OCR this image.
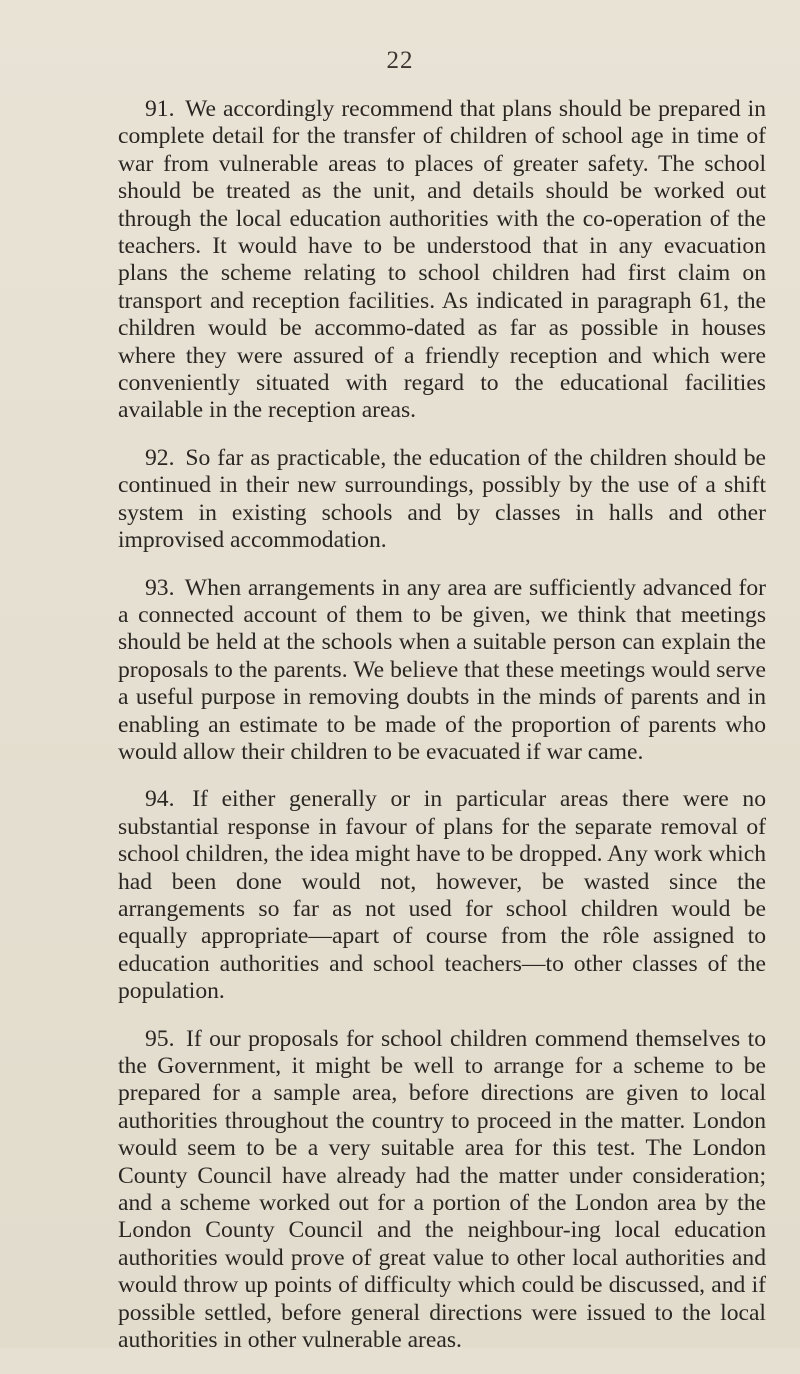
22

91. We accordingly recommend that plans should be prepared in complete detail for the transfer of children of school age in time of war from vulnerable areas to places of greater safety. The school should be treated as the unit, and details should be worked out through the local education authorities with the co-operation of the teachers. It would have to be understood that in any evacuation plans the scheme relating to school children had first claim on transport and reception facilities. As indicated in paragraph 61, the children would be accommo-dated as far as possible in houses where they were assured of a friendly reception and which were conveniently situated with regard to the educational facilities available in the reception areas.

92. So far as practicable, the education of the children should be continued in their new surroundings, possibly by the use of a shift system in existing schools and by classes in halls and other improvised accommodation.

93. When arrangements in any area are sufficiently advanced for a connected account of them to be given, we think that meetings should be held at the schools when a suitable person can explain the proposals to the parents. We believe that these meetings would serve a useful purpose in removing doubts in the minds of parents and in enabling an estimate to be made of the proportion of parents who would allow their children to be evacuated if war came.

94. If either generally or in particular areas there were no substantial response in favour of plans for the separate removal of school children, the idea might have to be dropped. Any work which had been done would not, however, be wasted since the arrangements so far as not used for school children would be equally appropriate—apart of course from the rôle assigned to education authorities and school teachers—to other classes of the population.

95. If our proposals for school children commend themselves to the Government, it might be well to arrange for a scheme to be prepared for a sample area, before directions are given to local authorities throughout the country to proceed in the matter. London would seem to be a very suitable area for this test. The London County Council have already had the matter under consideration; and a scheme worked out for a portion of the London area by the London County Council and the neighbour-ing local education authorities would prove of great value to other local authorities and would throw up points of difficulty which could be discussed, and if possible settled, before general directions were issued to the local authorities in other vulnerable areas.
